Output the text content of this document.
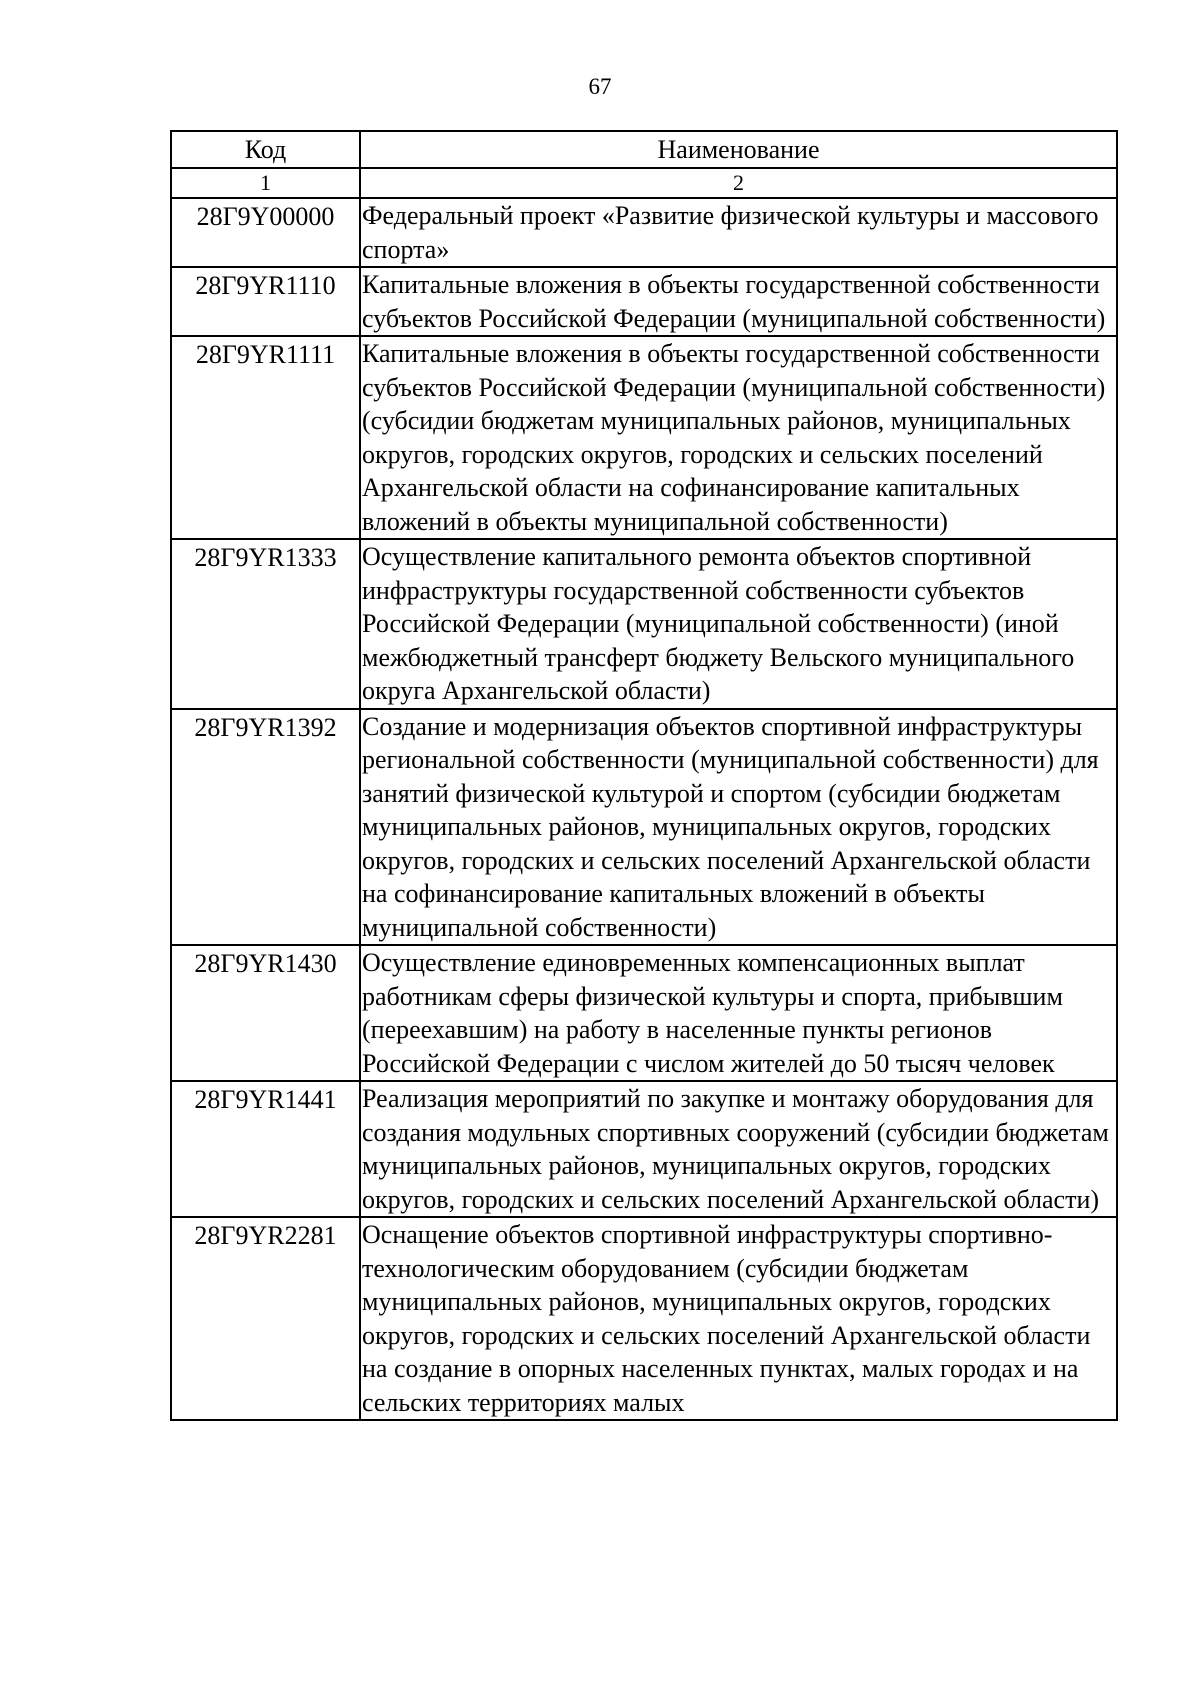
67
Код	Наименование
1	2
28Г9Y00000	Федеральный проект «Развитие физической культуры и массового спорта»
28Г9YR1110	Капитальные вложения в объекты государственной собственности субъектов Российской Федерации (муниципальной собственности)
28Г9YR1111	Капитальные вложения в объекты государственной собственности субъектов Российской Федерации (муниципальной собственности) (субсидии бюджетам муниципальных районов, муниципальных округов, городских округов, городских и сельских поселений Архангельской области на софинансирование капитальных вложений в объекты муниципальной собственности)
28Г9YR1333	Осуществление капитального ремонта объектов спортивной инфраструктуры государственной собственности субъектов Российской Федерации (муниципальной собственности) (иной межбюджетный трансферт бюджету Вельского муниципального округа Архангельской области)
28Г9YR1392	Создание и модернизация объектов спортивной инфраструктуры региональной собственности (муниципальной собственности) для занятий физической культурой и спортом (субсидии бюджетам муниципальных районов, муниципальных округов, городских округов, городских и сельских поселений Архангельской области на софинансирование капитальных вложений в объекты муниципальной собственности)
28Г9YR1430	Осуществление единовременных компенсационных выплат работникам сферы физической культуры и спорта, прибывшим (переехавшим) на работу в населенные пункты регионов Российской Федерации с числом жителей до 50 тысяч человек
28Г9YR1441	Реализация мероприятий по закупке и монтажу оборудования для создания модульных спортивных сооружений (субсидии бюджетам муниципальных районов, муниципальных округов, городских округов, городских и сельских поселений Архангельской области)
28Г9YR2281	Оснащение объектов спортивной инфраструктуры спортивно-технологическим оборудованием (субсидии бюджетам муниципальных районов, муниципальных округов, городских округов, городских и сельских поселений Архангельской области на создание в опорных населенных пунктах, малых городах и на сельских территориях малых
